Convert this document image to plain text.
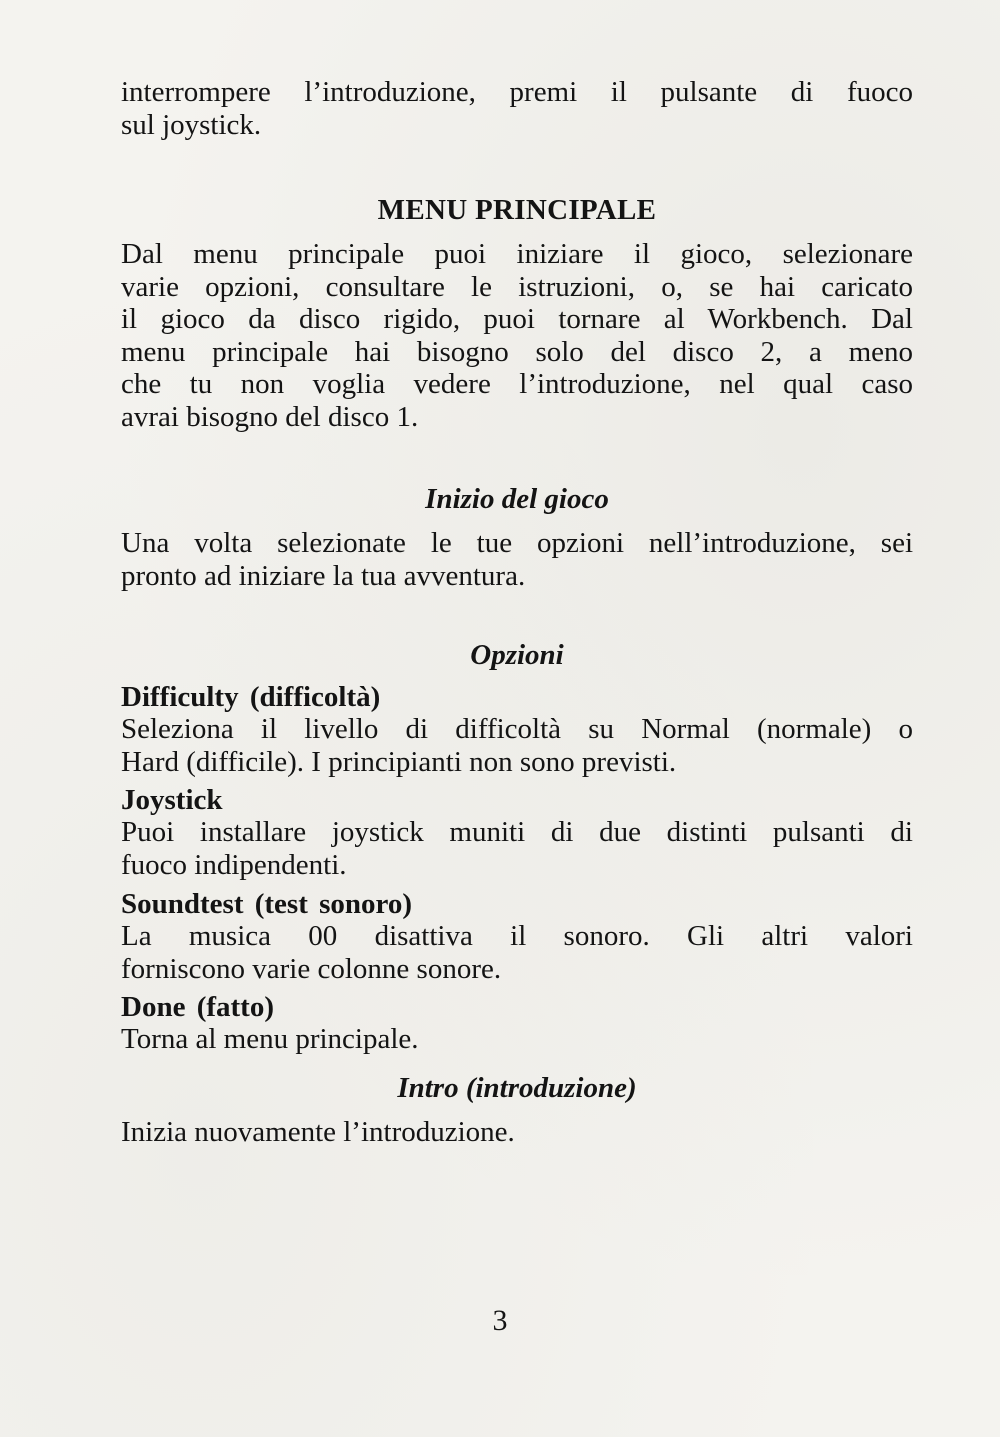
interrompere l’introduzione, premi il pulsante di fuoco
sul joystick.

MENU PRINCIPALE

Dal menu principale puoi iniziare il gioco, selezionare
varie opzioni, consultare le istruzioni, o, se hai caricato
il gioco da disco rigido, puoi tornare al Workbench. Dal
menu principale hai bisogno solo del disco 2, a meno
che tu non voglia vedere l’introduzione, nel qual caso
avrai bisogno del disco 1.

Inizio del gioco

Una volta selezionate le tue opzioni nell’introduzione, sei
pronto ad iniziare la tua avventura.

Opzioni
Difficulty (difficoltà)

Seleziona il livello di difficoltà su Normal (normale) o
Hard (difficile). I principianti non sono previsti.

Joystick

Puoi installare joystick muniti di due distinti pulsanti di
fuoco indipendenti.

Soundtest (test sonoro)

La musica 00 disattiva il sonoro. Gli altri valori
forniscono varie colonne sonore.

Done (fatto)

Torna al menu principale.

Intro (introduzione)

Inizia nuovamente l’introduzione.

3
